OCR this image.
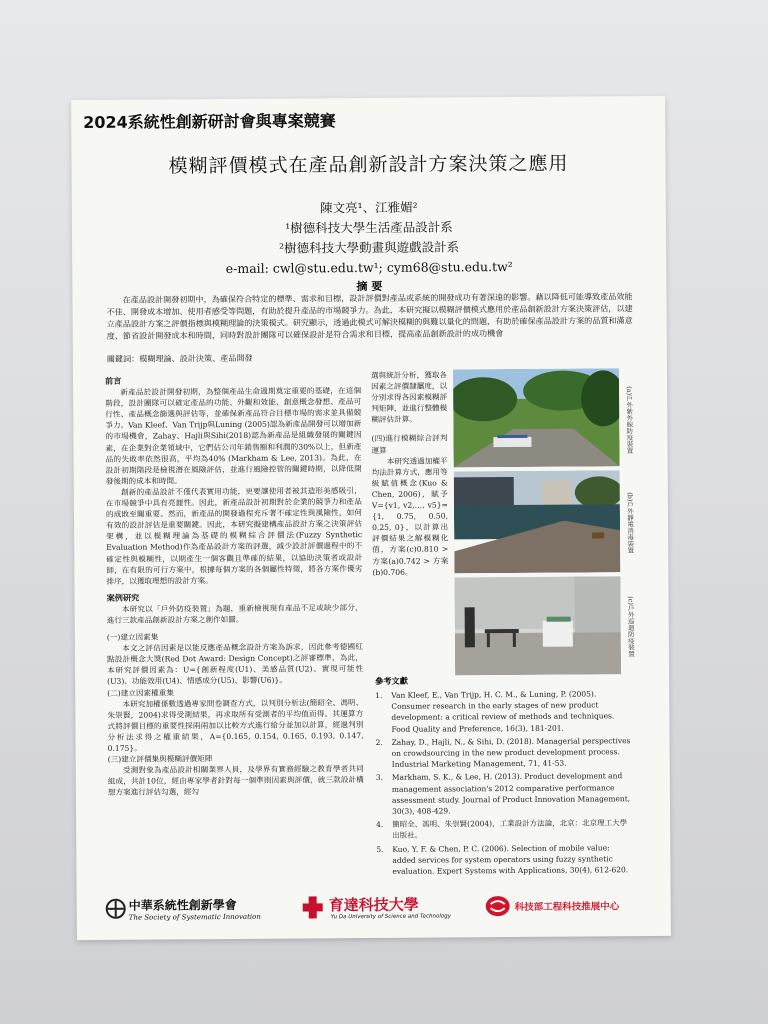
2024系統性創新研討會與專案競賽
模糊評價模式在產品創新設計方案決策之應用
陳文亮¹、江雅媚²
¹樹德科技大學生活產品設計系
²樹德科技大學動畫與遊戲設計系
e-mail: cwl@stu.edu.tw¹; cym68@stu.edu.tw²
摘 要
在產品設計開發初期中，為確保符合特定的標準、需求和目標，設計評價對產品或系統的開發成功有著深遠的影響。藉以降低可能導致產品效能不佳、開發成本增加、使用者感受等問題，有助於提升產品的市場競爭力。為此，本研究擬以模糊評價模式應用於產品創新設計方案決策評估，以建立產品設計方案之評價指標與模糊理論的決策模式。研究顯示，透過此模式可解決模糊的與難以量化的問題，有助於確保產品設計方案的品質和滿意度、節省設計開發成本和時間，同時對設計團隊可以確保設計是符合需求和目標，提高產品創新設計的成功機會
關鍵詞：模糊理論、設計決策、產品開發

前言

新產品於設計開發初期，為整個產品生命週期奠定重要的基礎，在這個階段，設計團隊可以確定產品的功能、外觀和效能、創意概念發想、產品可行性、產品概念篩選與評估等，並確保新產品符合目標市場的需求並具備競爭力。Van Kleef、Van Trijp與Luning (2005)認為新產品開發可以增加新的市場機會，Zahay、Hajli與Sihi(2018)認為新產品是組織發展的關鍵因素，在企業對企業領域中，它們佔公司年銷售額和利潤的30%以上，但新產品的失敗率依然很高，平均為40% (Markham & Lee, 2013)。為此，在設計初期階段是檢視潛在風險評估，並進行風險控管的關鍵時期，以降低開發後期的成本和時間。

創新的產品設計不僅代表實用功能，更要讓使用者被其造形美感吸引，在市場競爭中具有亮麗性。因此，新產品設計初期對於企業的競爭力和產品的成敗至關重要。然而，新產品的開發過程充斥著不確定性與風險性，如何有效的設計評估是重要關鍵。因此，本研究擬建構產品設計方案之決策評估架構，並以模糊理論為基礎的模糊綜合評價法(Fuzzy Synthetic Evaluation Method)作為產品設計方案的評選，減少設計評價過程中的不確定性與模糊性，以期產生一個客觀且準確的結果，以協助決策者或設計師，在有限的可行方案中，根據每個方案的各個屬性特徵，將各方案作優劣排序，以獲取理想的設計方案。

案例研究

本研究以「戶外防疫裝置」為題，重新檢視現有產品不足或缺少部分，進行三款產品創新設計方案之創作如圖。

(一)建立因素集

本文之評估因素是以能反應產品概念設計方案為訴求，因此參考德國紅點設計概念大獎(Red Dot Award: Design Concept)之評審標準，為此，本研究評價因素為：U={創新程度(U1)、美感品質(U2)、實現可能性(U3)、功能效用(U4)、情感成分(U5)、影響(U6)}。

(二)建立因素權重集

本研究加權係數透過專家問卷調查方式，以判別分析法(簡昭全、馮明、朱崇賢，2004)求得受測結果，再求取所有受測者的平均值而得。其運算方式將評價目標的重要性採兩兩加以比較方式進行給分並加以計算，經過判別分析法求得之權重結果，A={0.165, 0.154, 0.165, 0.193, 0.147, 0.175}。

(三)建立評價集與模糊評價矩陣

受測對象為產品設計相關業界人員，及學界有實務經驗之教育學者共同組成，共計10位，經由專家學者針對每一個準則因素與評價，就三款設計構想方案進行評估勾選，經勾

選與統計分析，獲取各因素之評價隸屬度，以分別求得各因素模糊評判矩陣，並進行整體模糊評估計算。

(四)進行模糊綜合評判運算

本研究透過加權平均法計算方式，應用等級賦值概念(Kuo & Chen, 2006)，賦予V={v1, v2,…, v5}={1, 0.75, 0.50, 0.25, 0}，以計算出評價結果之解模糊化值，方案(c)0.810 > 方案(a)0.742 > 方案(b)0.706。

(a)戶外紫外線防疫裝置
(b)戶外靜電消毒裝置
(c)戶外巡迴防疫裝置
參考文獻
1. Van Kleef, E., Van Trijp, H. C. M., & Luning, P. (2005). Consumer research in the early stages of new product development: a critical review of methods and techniques. Food Quality and Preference, 16(3), 181-201.
2. Zahay, D., Hajli, N., & Sihi, D. (2018). Managerial perspectives on crowdsourcing in the new product development process. Industrial Marketing Management, 71, 41-53.
3. Markham, S. K., & Lee, H. (2013). Product development and management association's 2012 comparative performance assessment study. Journal of Product Innovation Management, 30(3), 408-429.
4. 簡昭全、馮明、朱崇賢(2004)，工業設計方法論，北京：北京理工大學出版社。
5. Kuo, Y. F. & Chen, P. C. (2006). Selection of mobile value: added services for system operators using fuzzy synthetic evaluation. Expert Systems with Applications, 30(4), 612-620.
中華系統性創新學會
The Society of Systematic Innovation
育達科技大學
Yu Da University of Science and Technology
科技部工程科技推展中心
